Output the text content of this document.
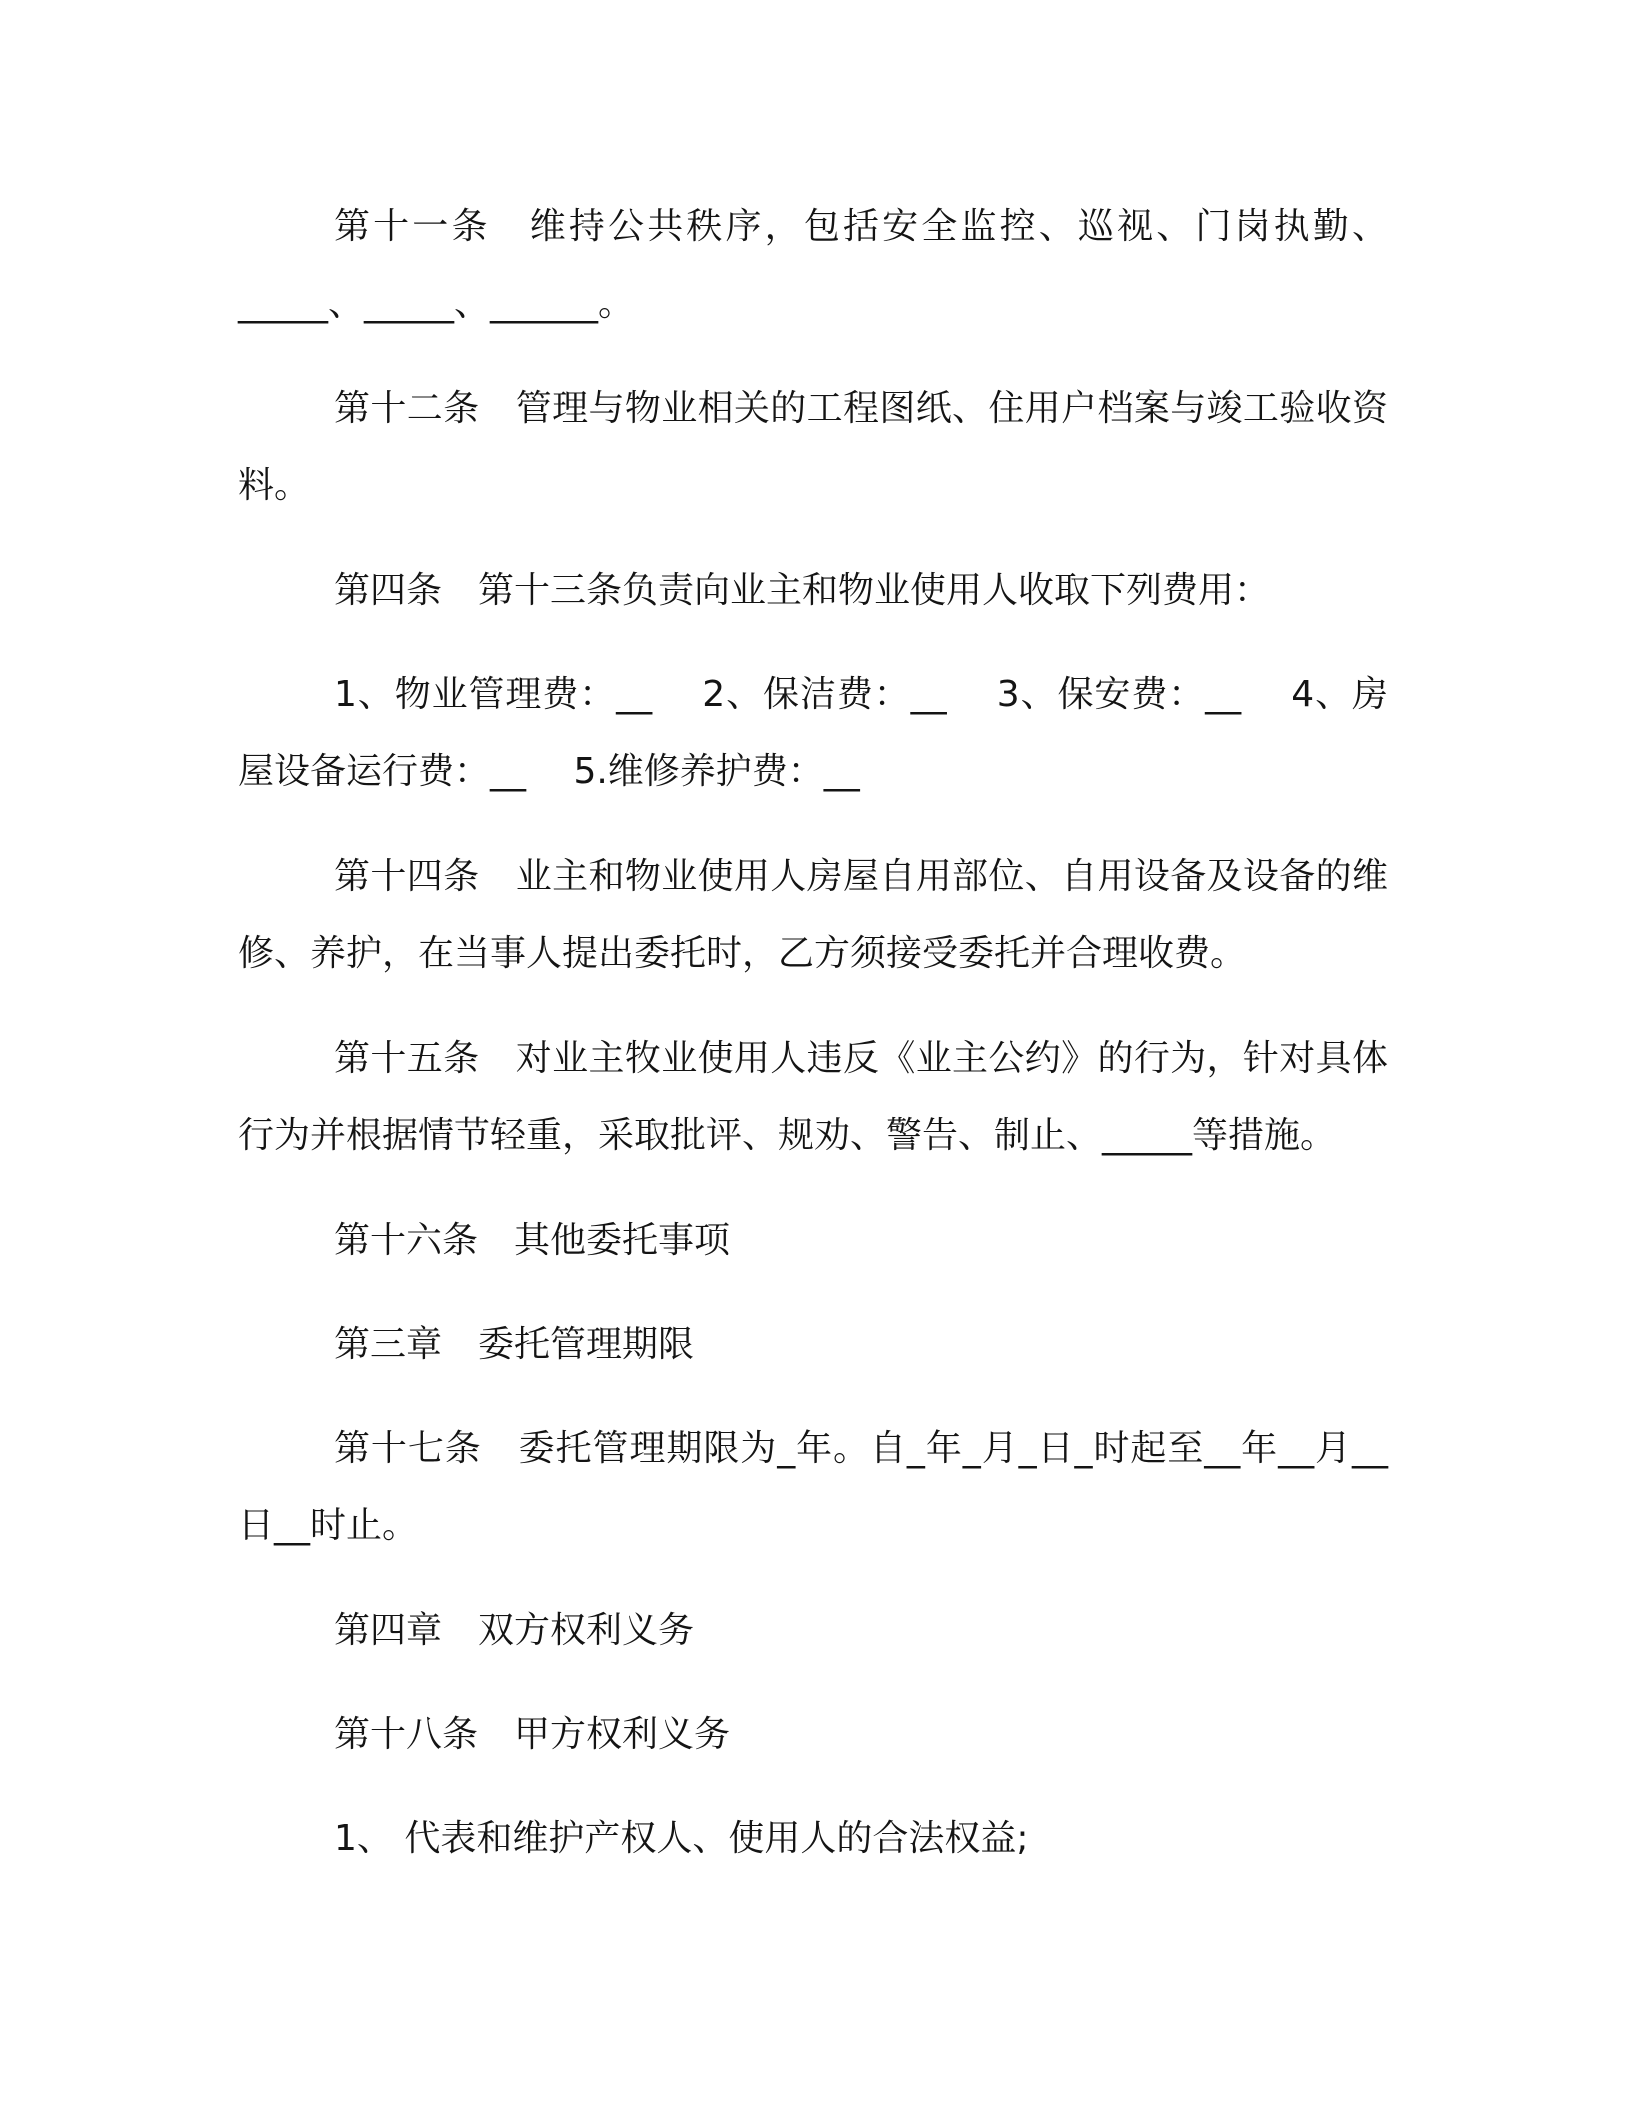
第十一条　维持公共秩序，包括安全监控、巡视、门岗执勤、_____、_____、______。

第十二条　管理与物业相关的工程图纸、住用户档案与竣工验收资料。

第四条　第十三条负责向业主和物业使用人收取下列费用：

1、物业管理费：__　 2、保洁费：__　 3、保安费：__　 4、房屋设备运行费：__　 5.维修养护费：__

第十四条　业主和物业使用人房屋自用部位、自用设备及设备的维修、养护，在当事人提出委托时，乙方须接受委托并合理收费。

第十五条　对业主牧业使用人违反《业主公约》的行为，针对具体行为并根据情节轻重，采取批评、规劝、警告、制止、_____等措施。

第十六条　其他委托事项

第三章　委托管理期限

第十七条　委托管理期限为_年。自_年_月_日_时起至__年__月__日__时止。

第四章　双方权利义务

第十八条　甲方权利义务

1、 代表和维护产权人、使用人的合法权益;
